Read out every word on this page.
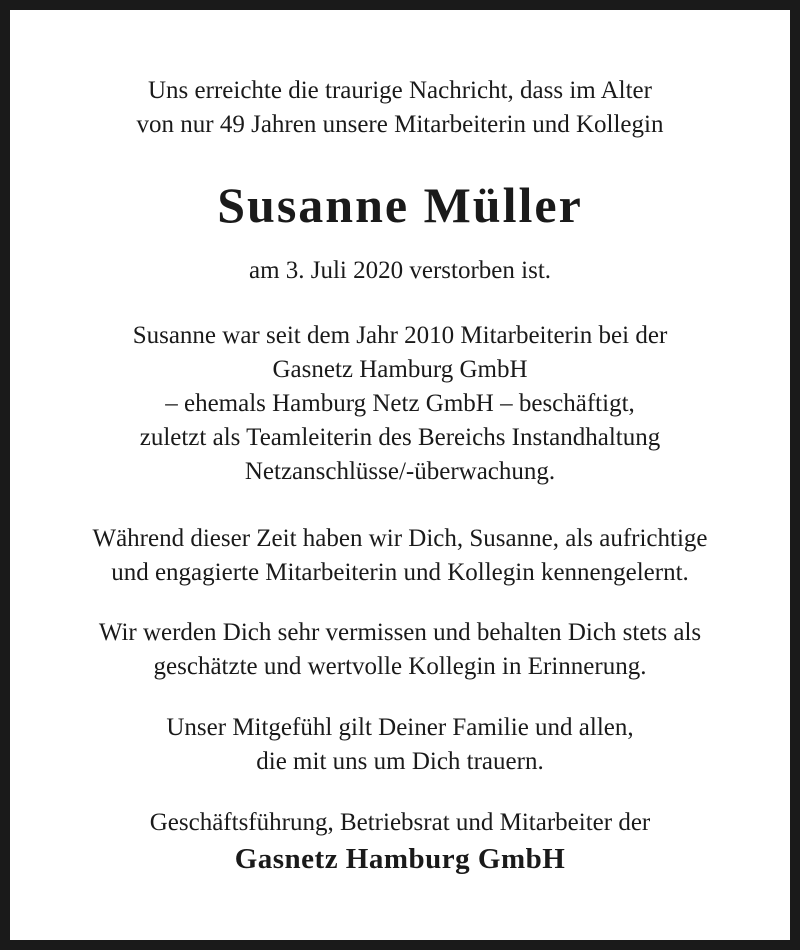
Uns erreichte die traurige Nachricht, dass im Alter
von nur 49 Jahren unsere Mitarbeiterin und Kollegin
Susanne Müller
am 3. Juli 2020 verstorben ist.
Susanne war seit dem Jahr 2010 Mitarbeiterin bei der
Gasnetz Hamburg GmbH
– ehemals Hamburg Netz GmbH – beschäftigt,
zuletzt als Teamleiterin des Bereichs Instandhaltung
Netzanschlüsse/-überwachung.
Während dieser Zeit haben wir Dich, Susanne, als aufrichtige
und engagierte Mitarbeiterin und Kollegin kennengelernt.
Wir werden Dich sehr vermissen und behalten Dich stets als
geschätzte und wertvolle Kollegin in Erinnerung.
Unser Mitgefühl gilt Deiner Familie und allen,
die mit uns um Dich trauern.
Geschäftsführung, Betriebsrat und Mitarbeiter der
Gasnetz Hamburg GmbH
